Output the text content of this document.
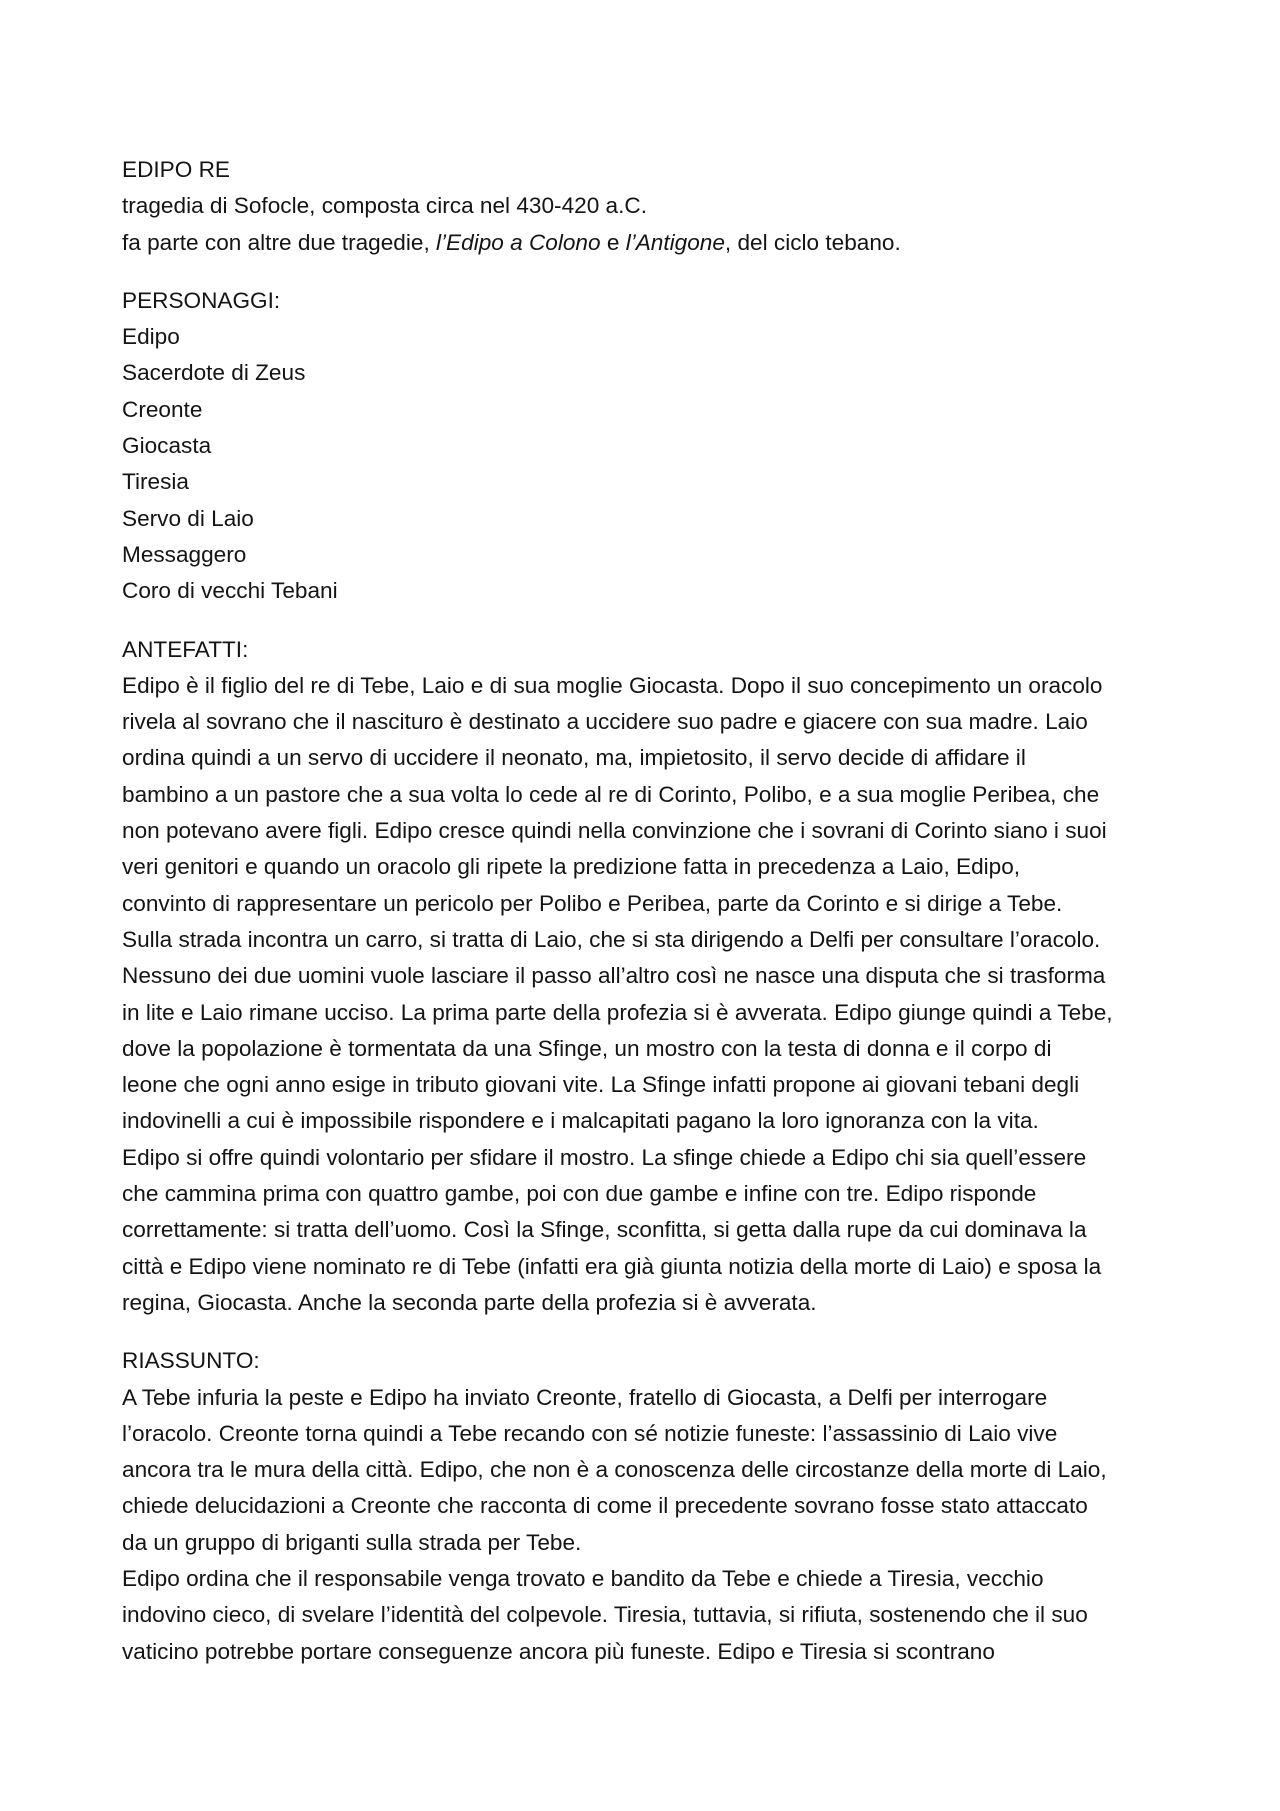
EDIPO RE
tragedia di Sofocle, composta circa nel 430-420 a.C.
fa parte con altre due tragedie, l’Edipo a Colono e l’Antigone, del ciclo tebano.
PERSONAGGI:
Edipo
Sacerdote di Zeus
Creonte
Giocasta
Tiresia
Servo di Laio
Messaggero
Coro di vecchi Tebani
ANTEFATTI:
Edipo è il figlio del re di Tebe, Laio e di sua moglie Giocasta. Dopo il suo concepimento un oracolo
rivela al sovrano che il nascituro è destinato a uccidere suo padre e giacere con sua madre. Laio
ordina quindi a un servo di uccidere il neonato, ma, impietosito, il servo decide di affidare il
bambino a un pastore che a sua volta lo cede al re di Corinto, Polibo, e a sua moglie Peribea, che
non potevano avere figli. Edipo cresce quindi nella convinzione che i sovrani di Corinto siano i suoi
veri genitori e quando un oracolo gli ripete la predizione fatta in precedenza a Laio, Edipo,
convinto di rappresentare un pericolo per Polibo e Peribea, parte da Corinto e si dirige a Tebe.
Sulla strada incontra un carro, si tratta di Laio, che si sta dirigendo a Delfi per consultare l’oracolo.
Nessuno dei due uomini vuole lasciare il passo all’altro così ne nasce una disputa che si trasforma
in lite e Laio rimane ucciso. La prima parte della profezia si è avverata. Edipo giunge quindi a Tebe,
dove la popolazione è tormentata da una Sfinge, un mostro con la testa di donna e il corpo di
leone che ogni anno esige in tributo giovani vite. La Sfinge infatti propone ai giovani tebani degli
indovinelli a cui è impossibile rispondere e i malcapitati pagano la loro ignoranza con la vita.
Edipo si offre quindi volontario per sfidare il mostro. La sfinge chiede a Edipo chi sia quell’essere
che cammina prima con quattro gambe, poi con due gambe e infine con tre. Edipo risponde
correttamente: si tratta dell’uomo. Così la Sfinge, sconfitta, si getta dalla rupe da cui dominava la
città e Edipo viene nominato re di Tebe (infatti era già giunta notizia della morte di Laio) e sposa la
regina, Giocasta. Anche la seconda parte della profezia si è avverata.
RIASSUNTO:
A Tebe infuria la peste e Edipo ha inviato Creonte, fratello di Giocasta, a Delfi per interrogare
l’oracolo. Creonte torna quindi a Tebe recando con sé notizie funeste: l’assassinio di Laio vive
ancora tra le mura della città. Edipo, che non è a conoscenza delle circostanze della morte di Laio,
chiede delucidazioni a Creonte che racconta di come il precedente sovrano fosse stato attaccato
da un gruppo di briganti sulla strada per Tebe.
Edipo ordina che il responsabile venga trovato e bandito da Tebe e chiede a Tiresia, vecchio
indovino cieco, di svelare l’identità del colpevole. Tiresia, tuttavia, si rifiuta, sostenendo che il suo
vaticino potrebbe portare conseguenze ancora più funeste. Edipo e Tiresia si scontrano
